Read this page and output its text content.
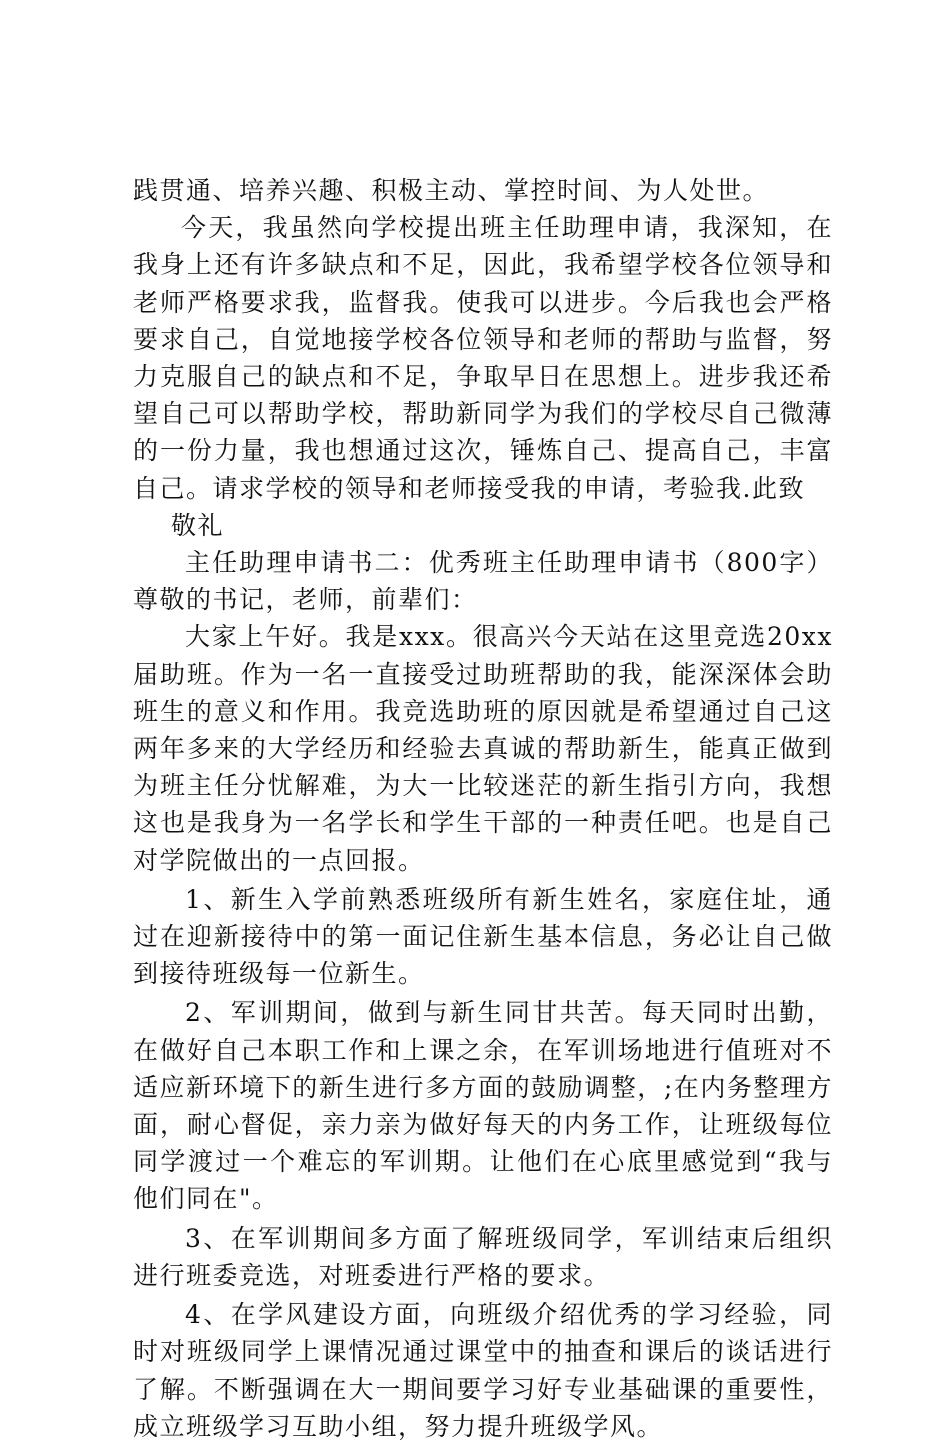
践贯通、培养兴趣、积极主动、掌控时间、为人处世。

今天，我虽然向学校提出班主任助理申请，我深知，在我身上还有许多缺点和不足，因此，我希望学校各位领导和老师严格要求我，监督我。使我可以进步。今后我也会严格要求自己，自觉地接学校各位领导和老师的帮助与监督，努力克服自己的缺点和不足，争取早日在思想上。进步我还希望自己可以帮助学校，帮助新同学为我们的学校尽自己微薄的一份力量，我也想通过这次，锤炼自己、提高自己，丰富自己。请求学校的领导和老师接受我的申请，考验我.此致

敬礼

主任助理申请书二：优秀班主任助理申请书（800字）尊敬的书记，老师，前辈们：

大家上午好。我是xxx。很高兴今天站在这里竞选20xx届助班。作为一名一直接受过助班帮助的我，能深深体会助班生的意义和作用。我竞选助班的原因就是希望通过自己这两年多来的大学经历和经验去真诚的帮助新生，能真正做到为班主任分忧解难，为大一比较迷茫的新生指引方向，我想这也是我身为一名学长和学生干部的一种责任吧。也是自己对学院做出的一点回报。

1、新生入学前熟悉班级所有新生姓名，家庭住址，通过在迎新接待中的第一面记住新生基本信息，务必让自己做到接待班级每一位新生。

2、军训期间，做到与新生同甘共苦。每天同时出勤，在做好自己本职工作和上课之余，在军训场地进行值班对不适应新环境下的新生进行多方面的鼓励调整，;在内务整理方面，耐心督促，亲力亲为做好每天的内务工作，让班级每位同学渡过一个难忘的军训期。让他们在心底里感觉到“我与他们同在"。

3、在军训期间多方面了解班级同学，军训结束后组织进行班委竞选，对班委进行严格的要求。

4、在学风建设方面，向班级介绍优秀的学习经验，同时对班级同学上课情况通过课堂中的抽查和课后的谈话进行了解。不断强调在大一期间要学习好专业基础课的重要性，成立班级学习互助小组，努力提升班级学风。
